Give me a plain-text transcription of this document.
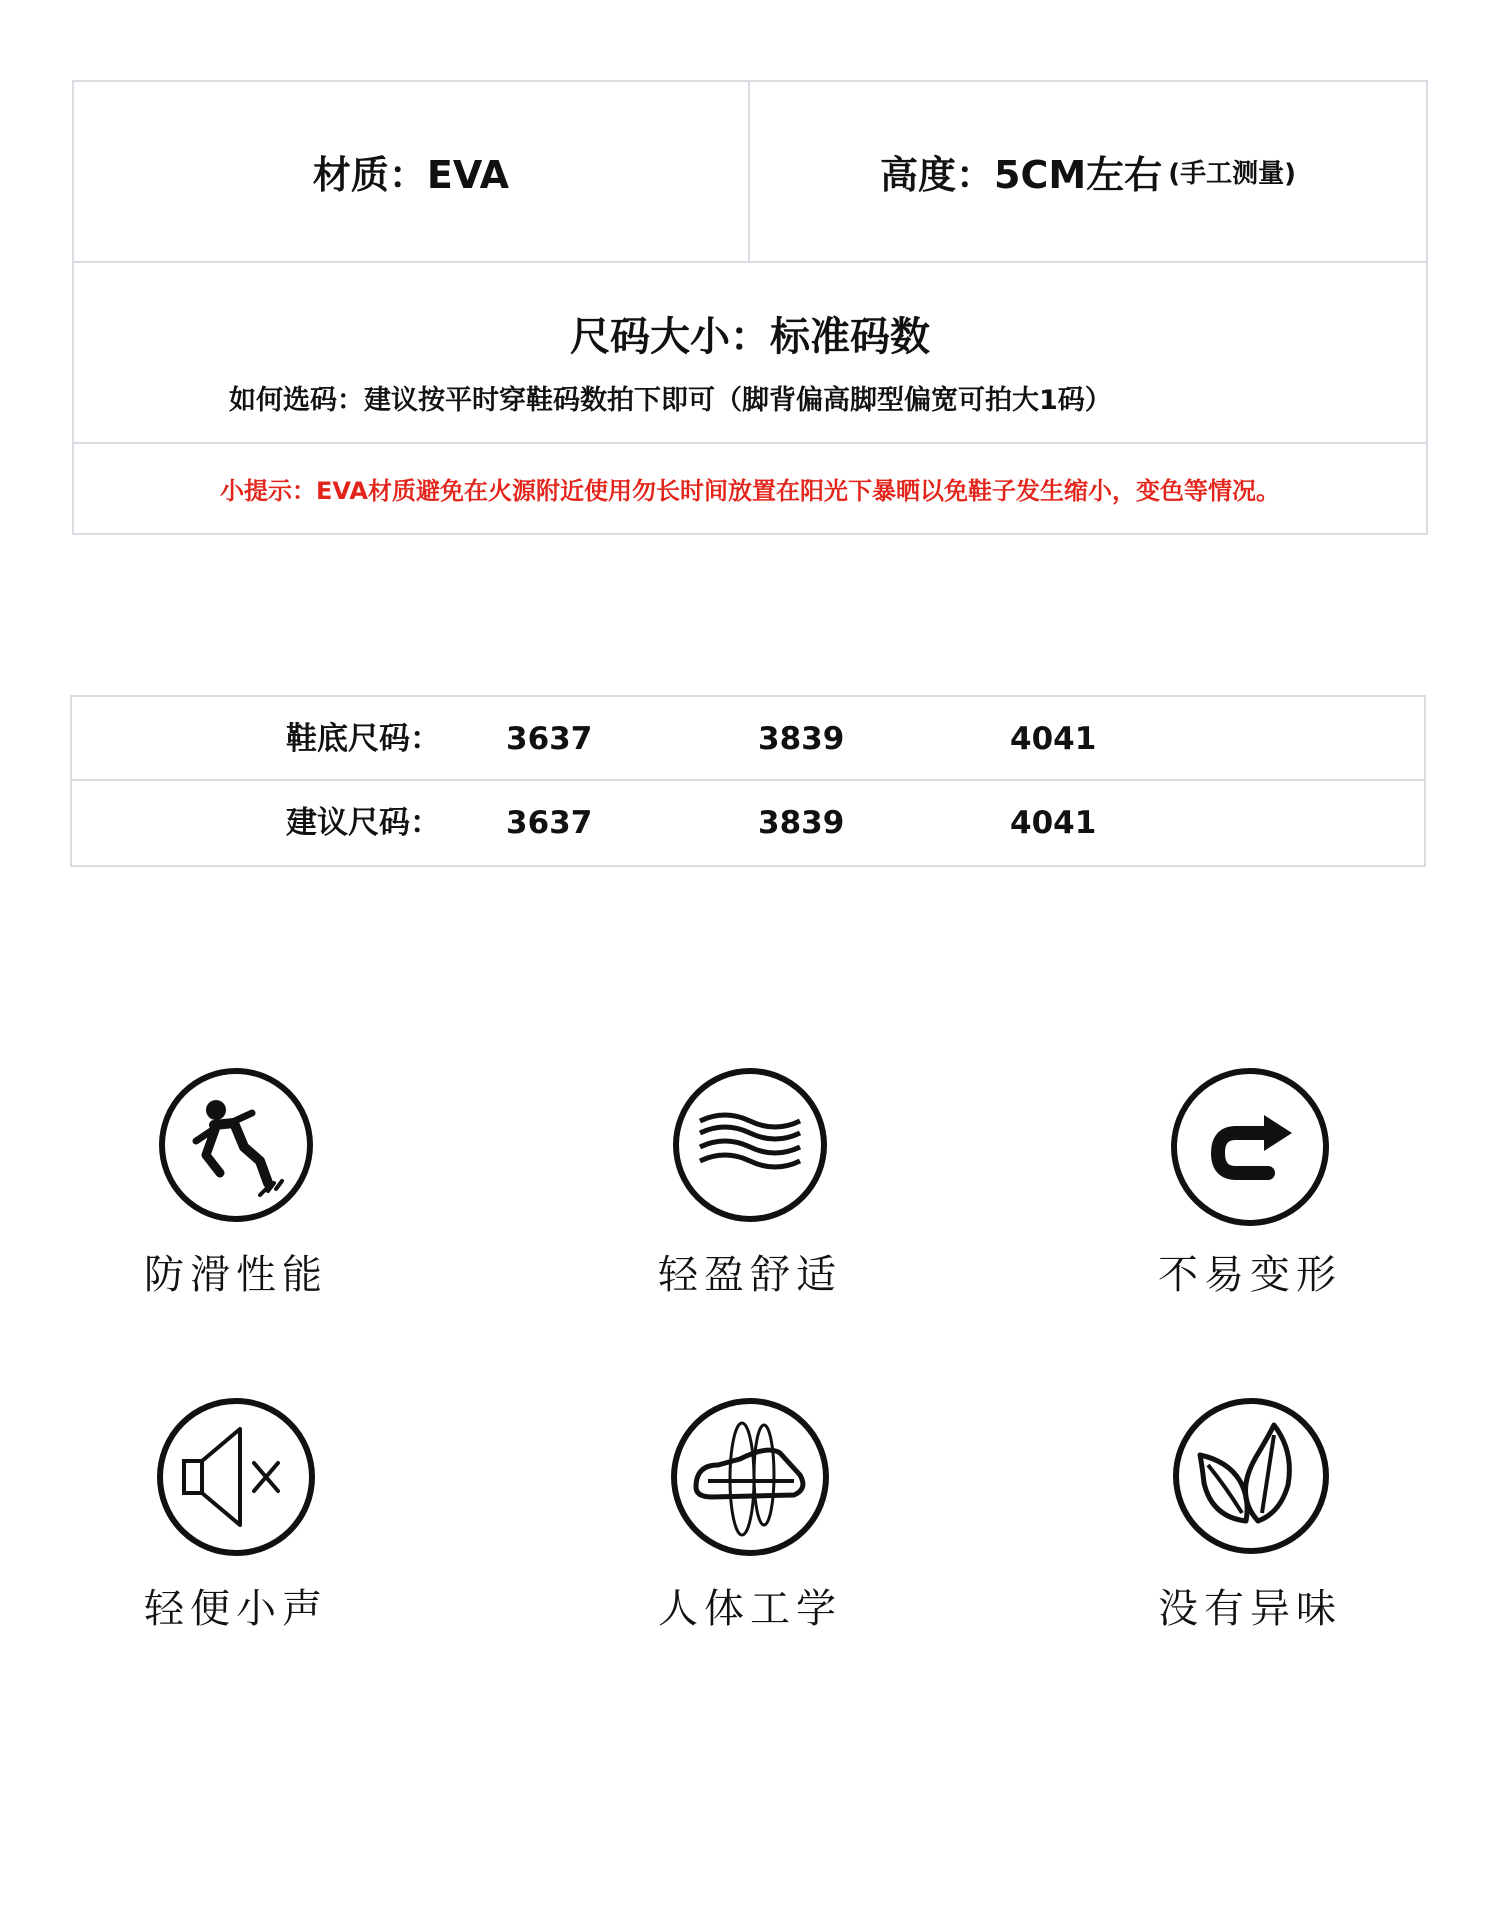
材质：EVA	高度：5CM左右 (手工测量)
尺码大小：标准码数
如何选码：建议按平时穿鞋码数拍下即可（脚背偏高脚型偏宽可拍大1码）
小提示：EVA材质避免在火源附近使用勿长时间放置在阳光下暴晒以免鞋子发生缩小，变色等情况。
鞋底尺码： 3637	3839	4041
建议尺码： 3637	3839	4041
防滑性能	轻盈舒适	不易变形
轻便小声	人体工学	没有异味
